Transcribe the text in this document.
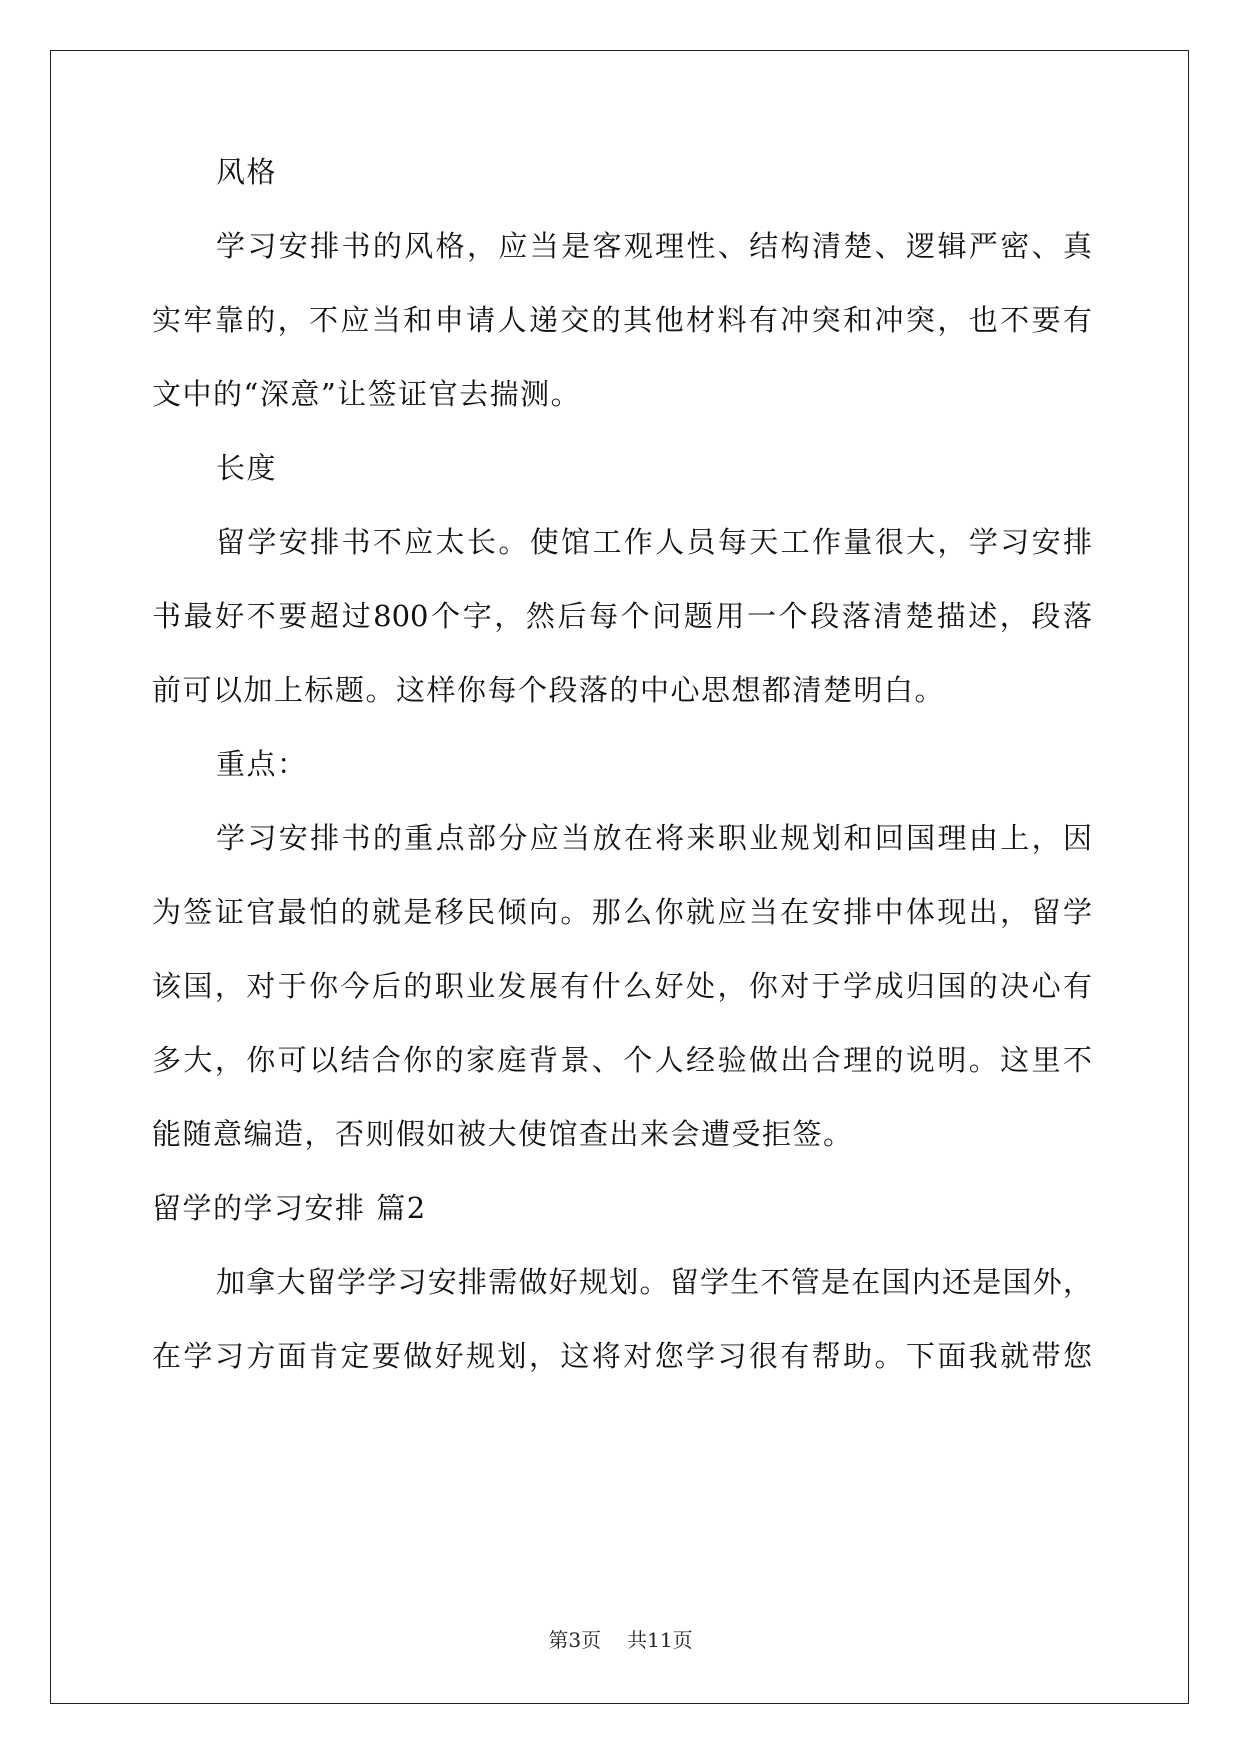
风格
学习安排书的风格，应当是客观理性、结构清楚、逻辑严密、真
实牢靠的，不应当和申请人递交的其他材料有冲突和冲突，也不要有
文中的“深意”让签证官去揣测。
长度
留学安排书不应太长。使馆工作人员每天工作量很大，学习安排
书最好不要超过800个字，然后每个问题用一个段落清楚描述，段落
前可以加上标题。这样你每个段落的中心思想都清楚明白。
重点：
学习安排书的重点部分应当放在将来职业规划和回国理由上，因
为签证官最怕的就是移民倾向。那么你就应当在安排中体现出，留学
该国，对于你今后的职业发展有什么好处，你对于学成归国的决心有
多大，你可以结合你的家庭背景、个人经验做出合理的说明。这里不
能随意编造，否则假如被大使馆查出来会遭受拒签。
留学的学习安排 篇2
加拿大留学学习安排需做好规划。留学生不管是在国内还是国外，
在学习方面肯定要做好规划，这将对您学习很有帮助。下面我就带您
第3页 共11页
